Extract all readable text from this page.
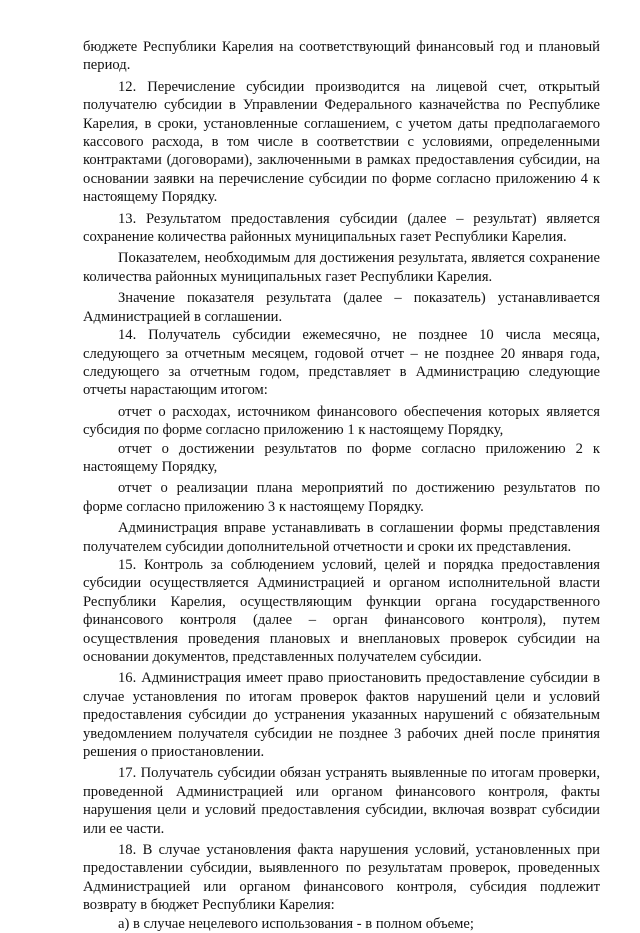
бюджете Республики Карелия на соответствующий финансовый год и плановый период.

12. Перечисление субсидии производится на лицевой счет, открытый получателю субсидии в Управлении Федерального казначейства по Республике Карелия, в сроки, установленные соглашением, с учетом даты предполагаемого кассового расхода, в том числе в соответствии с условиями, определенными контрактами (договорами), заключенными в рамках предоставления субсидии, на основании заявки на перечисление субсидии по форме согласно приложению 4 к настоящему Порядку.

13. Результатом предоставления субсидии (далее – результат) является сохранение количества районных муниципальных газет Республики Карелия.

Показателем, необходимым для достижения результата, является сохранение количества районных муниципальных газет Республики Карелия.

Значение показателя результата (далее – показатель) устанавливается Администрацией в соглашении.

14. Получатель субсидии ежемесячно, не позднее 10 числа месяца, следующего за отчетным месяцем, годовой отчет – не позднее 20 января года, следующего за отчетным годом, представляет в Администрацию следующие отчеты нарастающим итогом:

отчет о расходах, источником финансового обеспечения которых является субсидия по форме согласно приложению 1 к настоящему Порядку,

отчет о достижении результатов по форме согласно приложению 2 к настоящему Порядку,

отчет о реализации плана мероприятий по достижению результатов по форме согласно приложению 3 к настоящему Порядку.

Администрация вправе устанавливать в соглашении формы представления получателем субсидии дополнительной отчетности и сроки их представления.

15. Контроль за соблюдением условий, целей и порядка предоставления субсидии осуществляется Администрацией и органом исполнительной власти Республики Карелия, осуществляющим функции органа государственного финансового контроля (далее – орган финансового контроля), путем осуществления проведения плановых и внеплановых проверок субсидии на основании документов, представленных получателем субсидии.

16. Администрация имеет право приостановить предоставление субсидии в случае установления по итогам проверок фактов нарушений цели и условий предоставления субсидии до устранения указанных нарушений с обязательным уведомлением получателя субсидии не позднее 3 рабочих дней после принятия решения о приостановлении.

17. Получатель субсидии обязан устранять выявленные по итогам проверки, проведенной Администрацией или органом финансового контроля, факты нарушения цели и условий предоставления субсидии, включая возврат субсидии или ее части.

18. В случае установления факта нарушения условий, установленных при предоставлении субсидии, выявленного по результатам проверок, проведенных Администрацией или органом финансового контроля, субсидия подлежит возврату в бюджет Республики Карелия:

а) в случае нецелевого использования - в полном объеме;
